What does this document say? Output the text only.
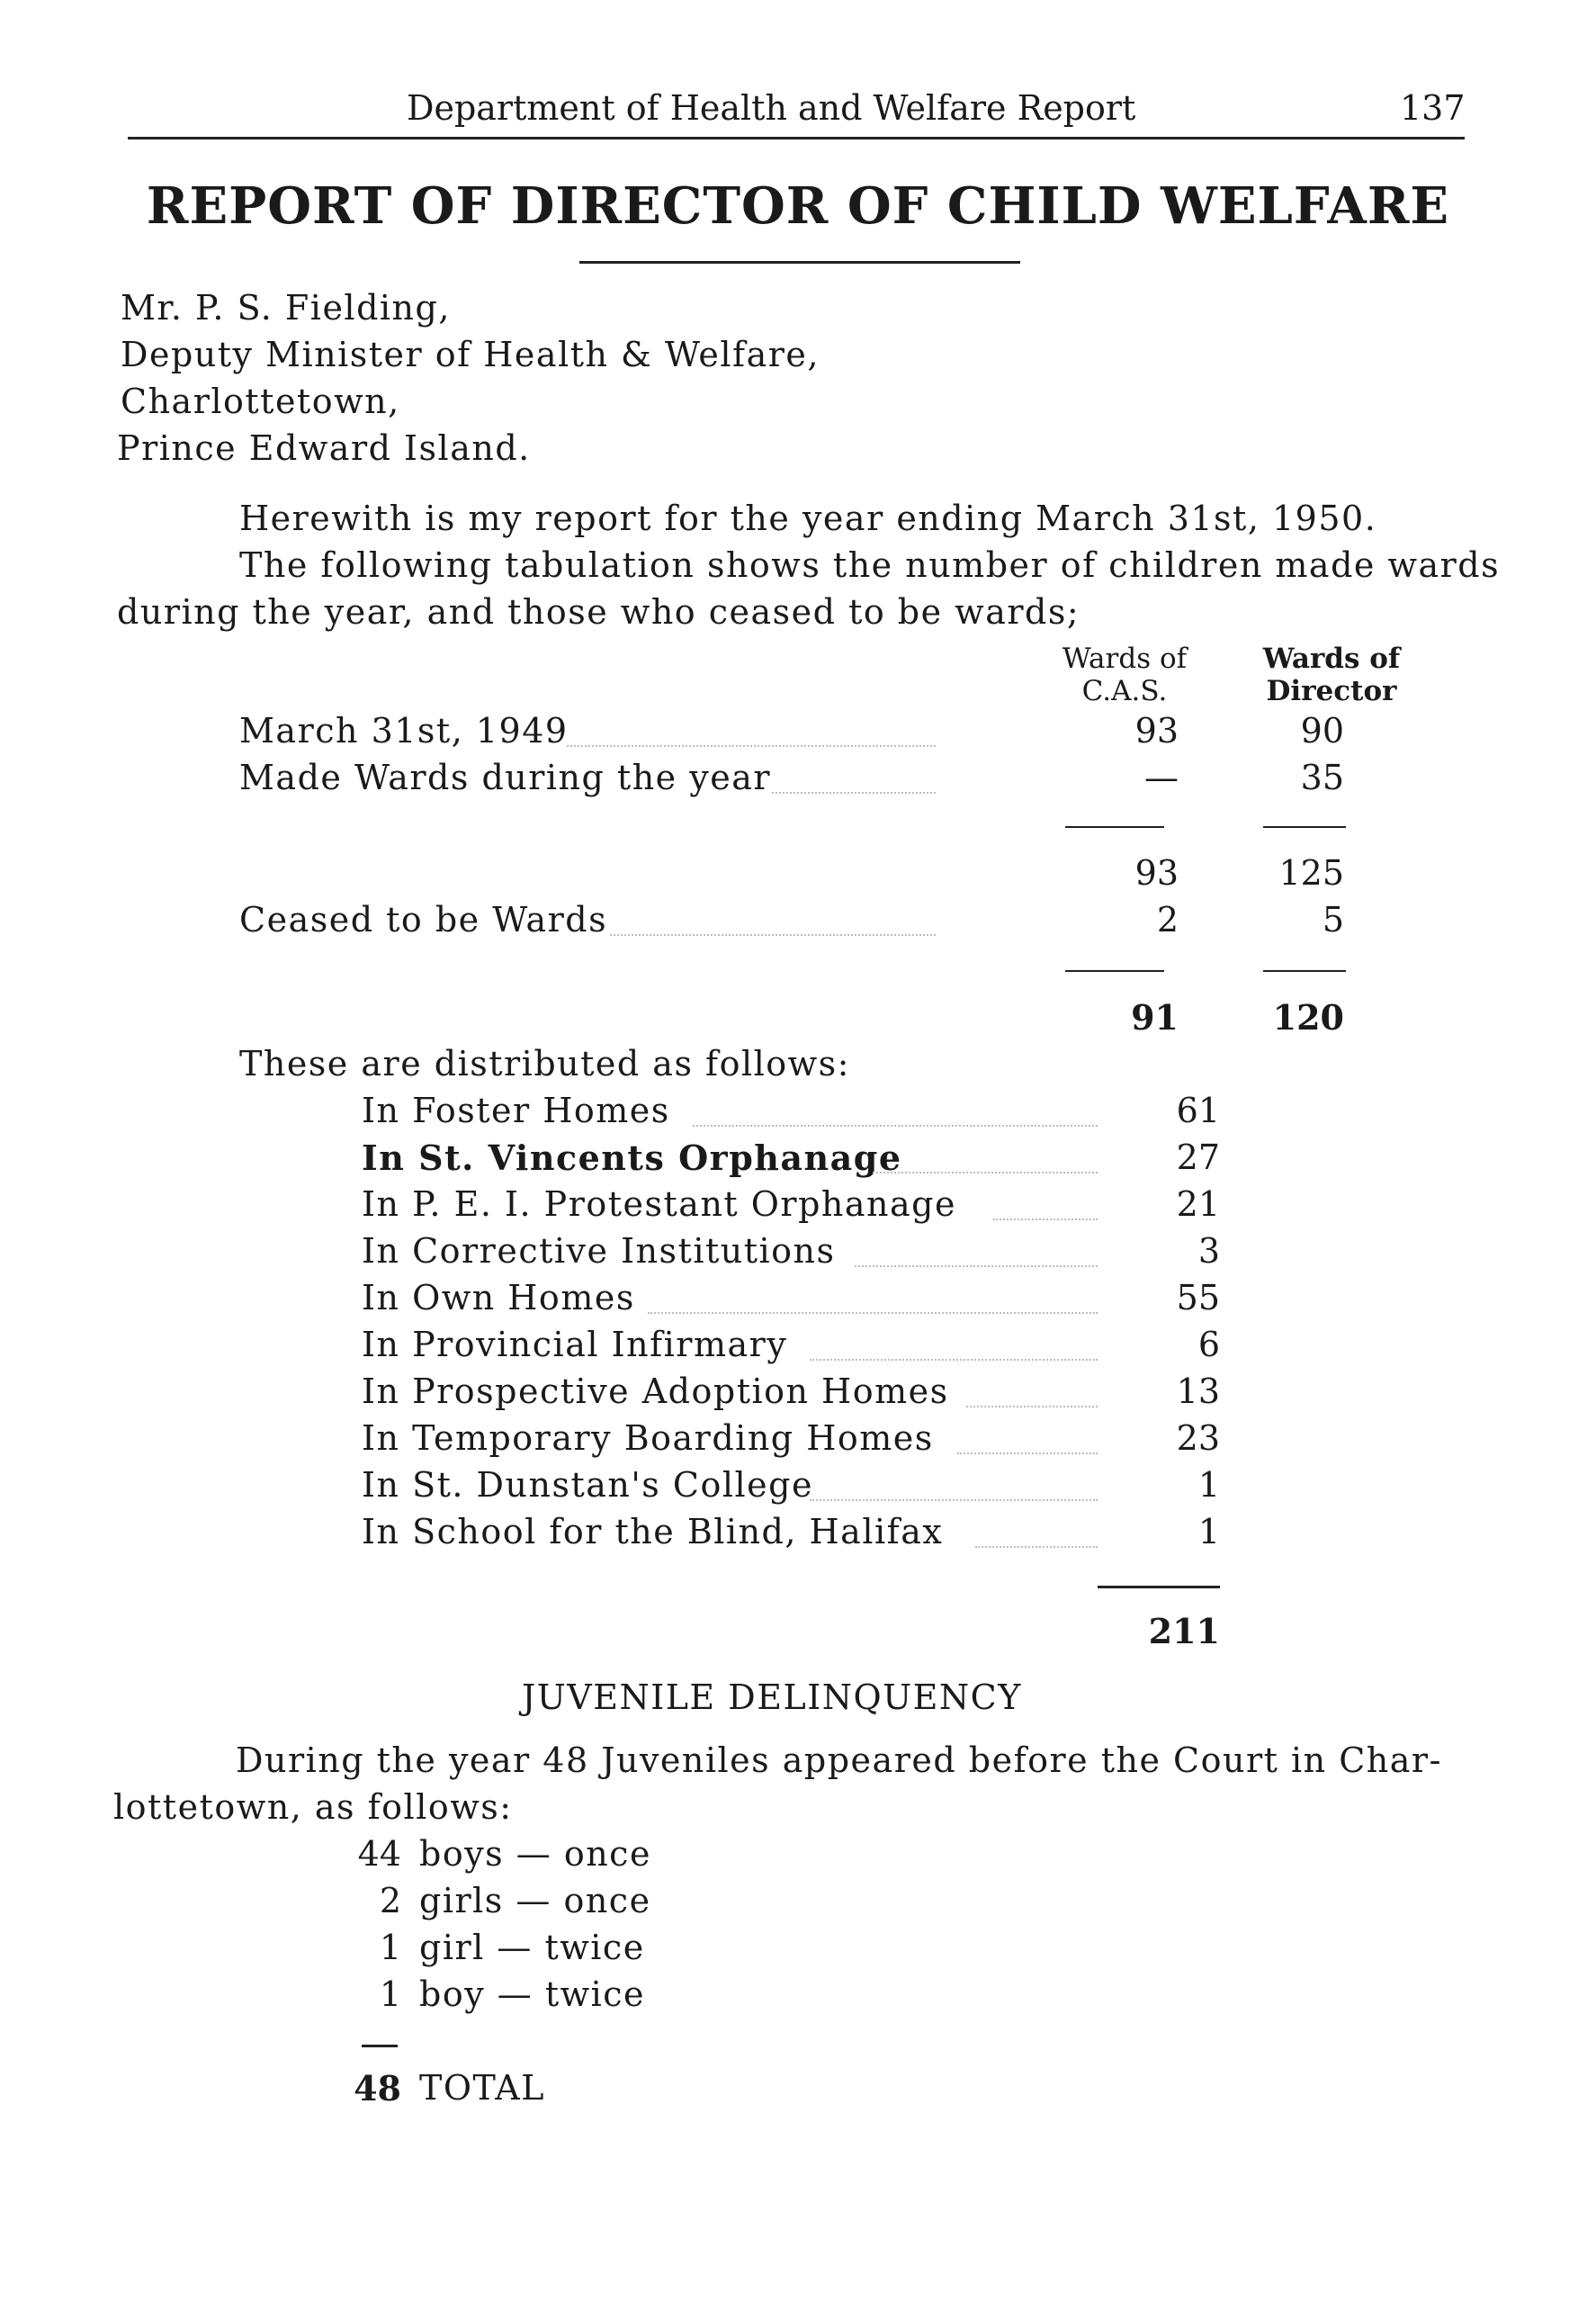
Department of Health and Welfare Report	137
REPORT OF DIRECTOR OF CHILD WELFARE
Mr. P. S. Fielding,
Deputy Minister of Health & Welfare,
Charlottetown,
Prince Edward Island.
Herewith is my report for the year ending March 31st, 1950.
The following tabulation shows the number of children made wards
during the year, and those who ceased to be wards;
Wards of
C.A.S.
Wards of
Director
March 31st, 1949	93	90
Made Wards during the year	—	35
93	125
Ceased to be Wards	2	5
91	120
These are distributed as follows:
In Foster Homes	61
In St. Vincents Orphanage	27
In P. E. I. Protestant Orphanage	21
In Corrective Institutions	3
In Own Homes	55
In Provincial Infirmary	6
In Prospective Adoption Homes	13
In Temporary Boarding Homes	23
In St. Dunstan's College	1
In School for the Blind, Halifax	1
211
JUVENILE DELINQUENCY
During the year 48 Juveniles appeared before the Court in Char-
lottetown, as follows:
44 boys — once
2 girls — once
1 girl — twice
1 boy — twice
48 TOTAL
